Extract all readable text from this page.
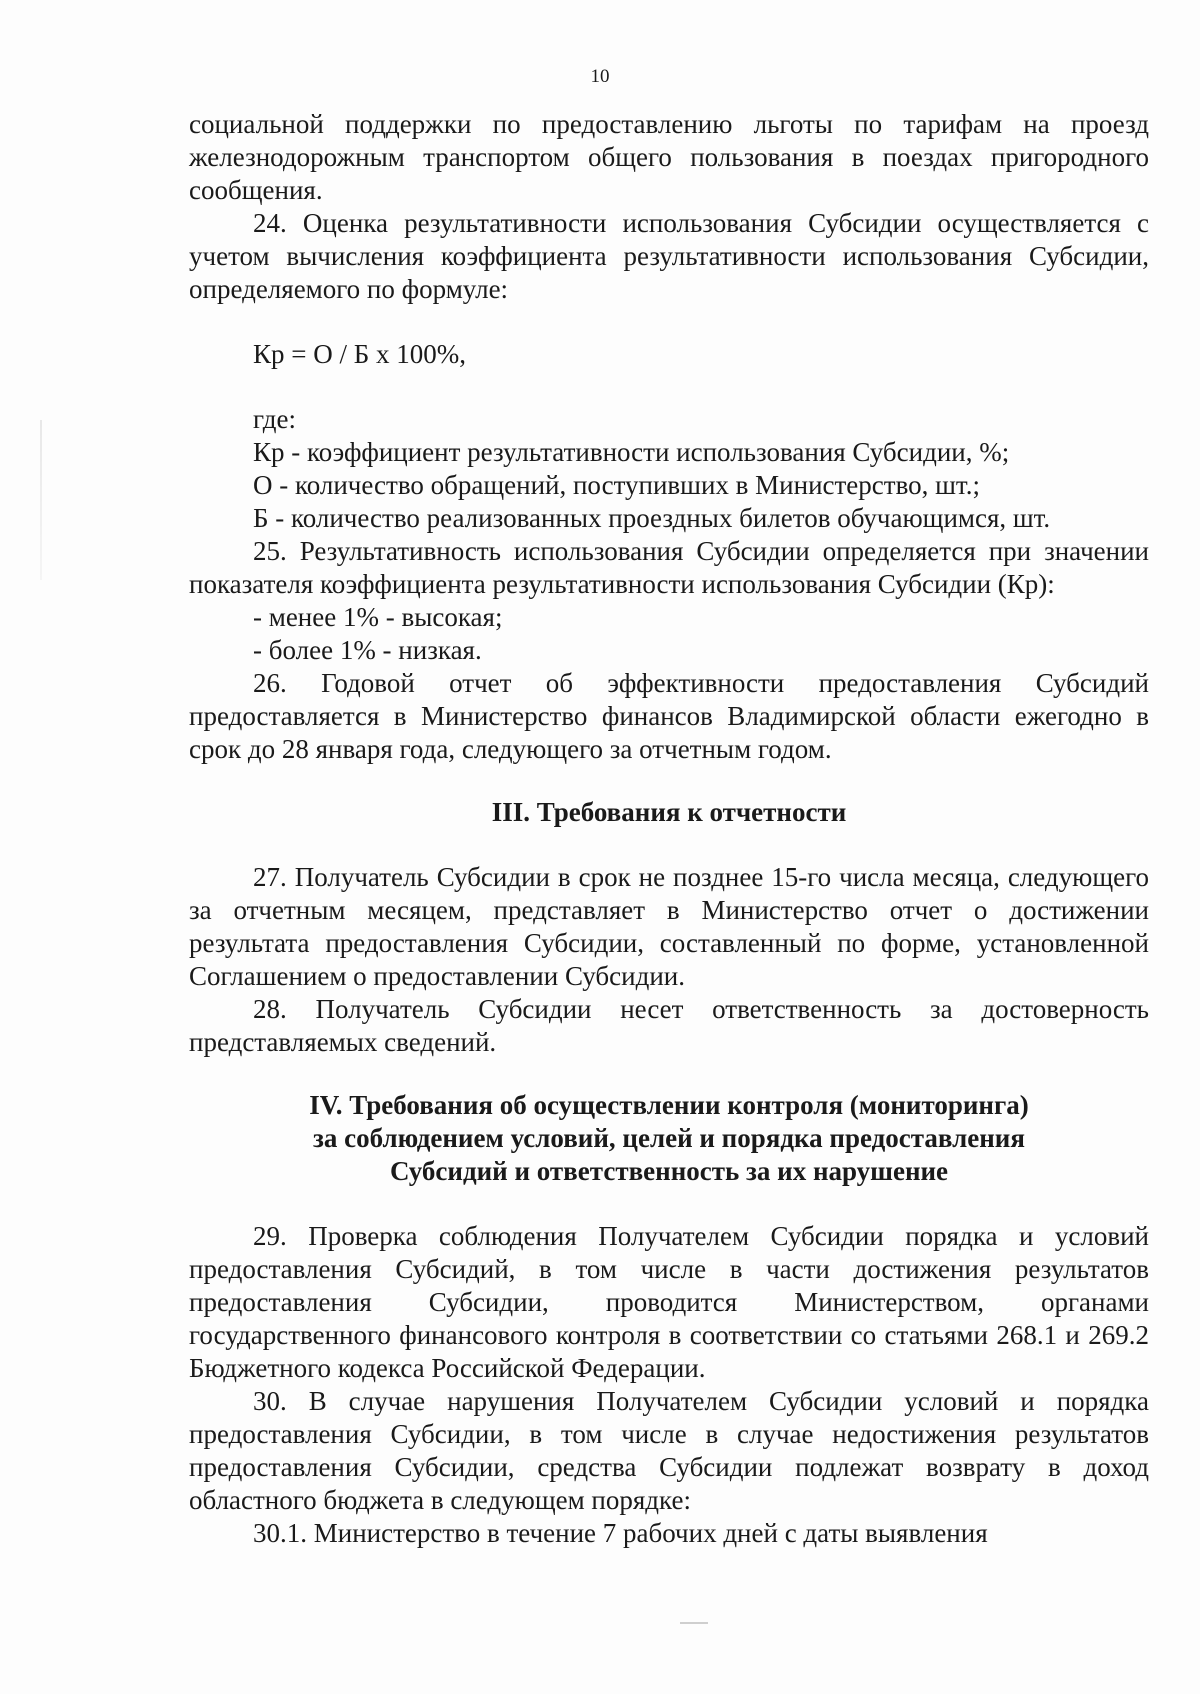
10

социальной поддержки по предоставлению льготы по тарифам на проезд железнодорожным транспортом общего пользования в поездах пригородного сообщения.

24. Оценка результативности использования Субсидии осуществляется с учетом вычисления коэффициента результативности использования Субсидии, определяемого по формуле:

Кр = О / Б х 100%,

где:

Кр - коэффициент результативности использования Субсидии, %;

О - количество обращений, поступивших в Министерство, шт.;

Б - количество реализованных проездных билетов обучающимся, шт.

25. Результативность использования Субсидии определяется при значении показателя коэффициента результативности использования Субсидии (Кр):

- менее 1% - высокая;

- более 1% - низкая.

26. Годовой отчет об эффективности предоставления Субсидий предоставляется в Министерство финансов Владимирской области ежегодно в срок до 28 января года, следующего за отчетным годом.

III. Требования к отчетности

27. Получатель Субсидии в срок не позднее 15-го числа месяца, следующего за отчетным месяцем, представляет в Министерство отчет о достижении результата предоставления Субсидии, составленный по форме, установленной Соглашением о предоставлении Субсидии.

28. Получатель Субсидии несет ответственность за достоверность представляемых сведений.

IV. Требования об осуществлении контроля (мониторинга)

за соблюдением условий, целей и порядка предоставления

Субсидий и ответственность за их нарушение

29. Проверка соблюдения Получателем Субсидии порядка и условий предоставления Субсидий, в том числе в части достижения результатов предоставления Субсидии, проводится Министерством, органами государственного финансового контроля в соответствии со статьями 268.1 и 269.2 Бюджетного кодекса Российской Федерации.

30. В случае нарушения Получателем Субсидии условий и порядка предоставления Субсидии, в том числе в случае недостижения результатов предоставления Субсидии, средства Субсидии подлежат возврату в доход областного бюджета в следующем порядке:

30.1. Министерство в течение 7 рабочих дней с даты выявления
